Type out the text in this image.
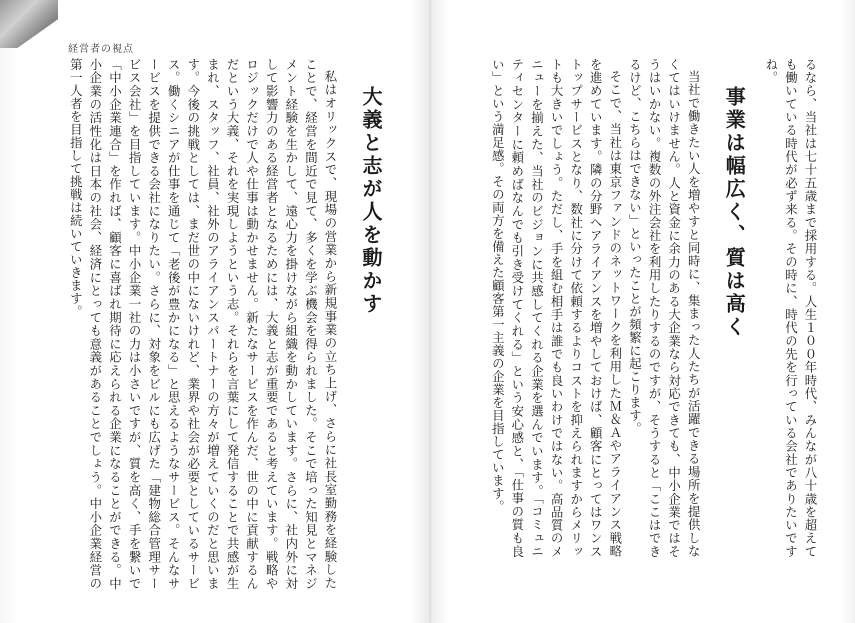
経営者の視点

るなら、当社は七十五歳まで採用する。人生１００年時代、みんなが八十歳を超えても働いている時代が必ず来る。その時に、時代の先を行っている会社でありたいですね。

事業は幅広く、質は高く

当社で働きたい人を増やすと同時に、集まった人たちが活躍できる場所を提供しなくてはいけません。人と資金に余力のある大企業なら対応できても、中小企業ではそうはいかない。複数の外注会社を利用したりするのですが、そうすると「ここはできるけど、こちらはできない」といったことが頻繁に起こります。

そこで、当社は東京ファンドのネットワークを利用したＭ＆Ａやアライアンス戦略を進めています。隣の分野へアライアンスを増やしておけば、顧客にとってはワンストップサービスとなり、数社に分けて依頼するよりコストを抑えられますからメリットも大きいでしょう。ただし、手を組む相手は誰でも良いわけではない。高品質のメニューを揃えた、当社のビジョンに共感してくれる企業を選んでいます。「コミュニティセンターに頼めばなんでも引き受けてくれる」という安心感と、「仕事の質も良い」という満足感。その両方を備えた顧客第一主義の企業を目指しています。

大義と志が人を動かす

私はオリックスで、現場の営業から新規事業の立ち上げ、さらに社長室勤務を経験したことで、経営を間近で見て、多くを学ぶ機会を得られました。そこで培った知見とマネジメント経験を生かして、遠心力を掛けながら組織を動かしています。さらに、社内外に対して影響力のある経営者となるためには、大義と志が重要であると考えています。戦略やロジックだけで人や仕事は動かせません。新たなサービスを作んだ、世の中に貢献するんだという大義、それを実現しようという志。それらを言葉にして発信することで共感が生まれ、スタッフ、社員、社外のアライアンスパートナーの方々が増えていくのだと思います。今後の挑戦としては、まだ世の中にないけれど、業界や社会が必要としているサービス。働くシニアが仕事を通じて「老後が豊かになる」と思えるようなサービス。そんなサービスを提供できる会社になりたい。さらに、対象をビルにも広げた「建物総合管理サービス会社」を目指しています。中小企業一社の力は小さいですが、質を高く、手を繋いで「中小企業連合」を作れば、顧客に喜ばれ期待に応えられる企業になることができる。中小企業の活性化は日本の社会、経済にとっても意義があることでしょう。中小企業経営の第一人者を目指して挑戦は続いていきます。
